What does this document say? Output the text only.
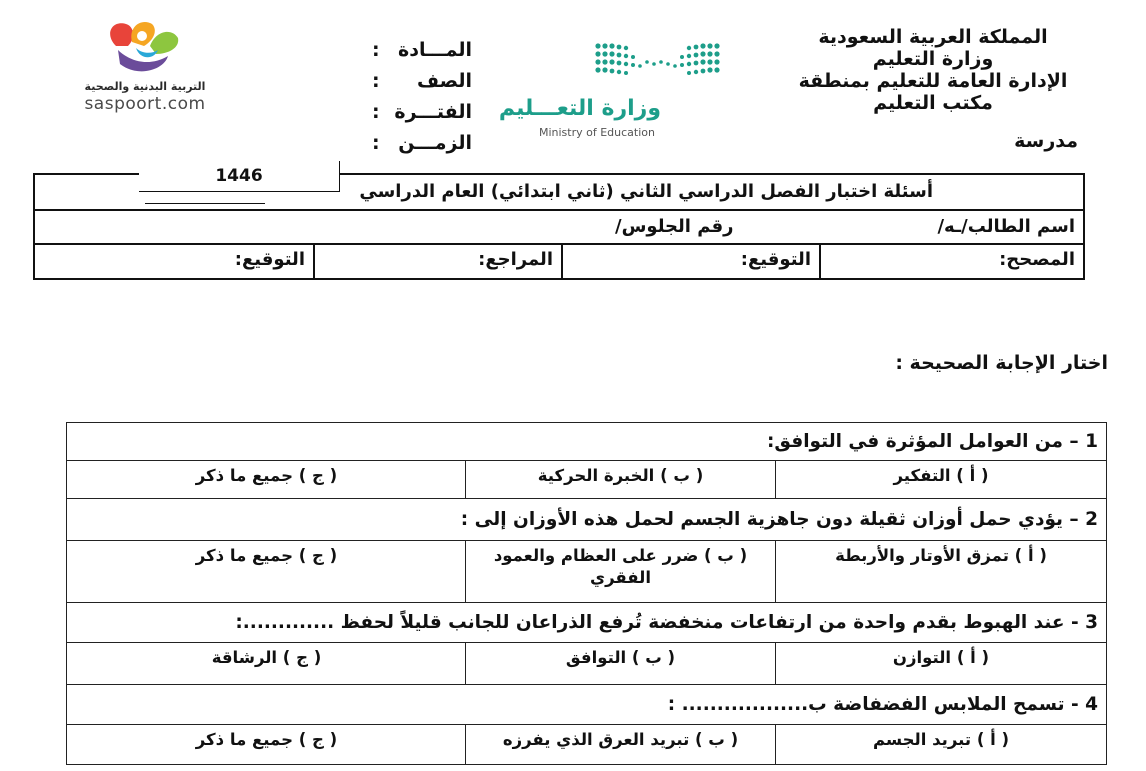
المملكة العربية السعودية
وزارة التعليم
الإدارة العامة للتعليم بمنطقة
مكتب التعليم
مدرسة
وزارة التعـــليم
Ministry of Education
المـــادة
:
الصف
:
الفتـــرة
:
الزمـــن
:
التربية البدنية والصحية
saspoort.com
أسئلة اختبار الفصل الدراسي الثاني (ثاني ابتدائي) العام الدراسي
1446
اسم الطالب/ـه/
رقم الجلوس/
المصحح:
التوقيع:
المراجع:
التوقيع:
اختار الإجابة الصحيحة :
1 – من العوامل المؤثرة في التوافق:
( أ ) التفكير
( ب ) الخبرة الحركية
( ج ) جميع ما ذكر
2 – يؤدي حمل أوزان ثقيلة دون جاهزية الجسم لحمل هذه الأوزان إلى :
( أ ) تمزق الأوتار والأربطة
( ب ) ضرر على العظام والعمود الفقري
( ج ) جميع ما ذكر
3 - عند الهبوط بقدم واحدة من ارتفاعات منخفضة تُرفع الذراعان للجانب قليلاً لحفظ .............:
( أ ) التوازن
( ب ) التوافق
( ج ) الرشاقة
4 - تسمح الملابس الفضفاضة ب.................. :
( أ ) تبريد الجسم
( ب ) تبريد العرق الذي يفرزه
( ج ) جميع ما ذكر
